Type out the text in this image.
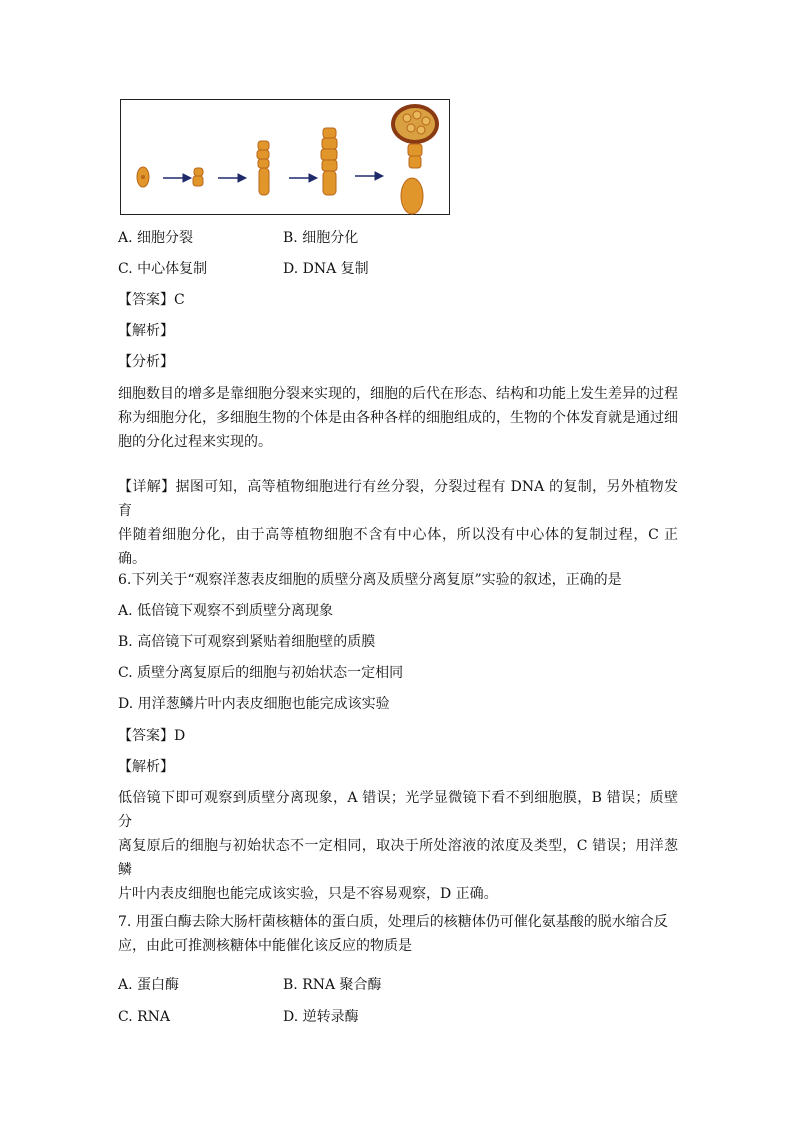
A. 细胞分裂	B. 细胞分化
C. 中心体复制	D. DNA 复制
【答案】C
【解析】
【分析】
细胞数目的增多是靠细胞分裂来实现的，细胞的后代在形态、结构和功能上发生差异的过程
称为细胞分化，多细胞生物的个体是由各种各样的细胞组成的，生物的个体发育就是通过细
胞的分化过程来实现的。
【详解】据图可知，高等植物细胞进行有丝分裂，分裂过程有 DNA 的复制，另外植物发育
伴随着细胞分化，由于高等植物细胞不含有中心体，所以没有中心体的复制过程，C 正确。
6.下列关于“观察洋葱表皮细胞的质壁分离及质壁分离复原”实验的叙述，正确的是
A. 低倍镜下观察不到质壁分离现象
B. 高倍镜下可观察到紧贴着细胞壁的质膜
C. 质壁分离复原后的细胞与初始状态一定相同
D. 用洋葱鳞片叶内表皮细胞也能完成该实验
【答案】D
【解析】
低倍镜下即可观察到质壁分离现象，A 错误；光学显微镜下看不到细胞膜，B 错误；质壁分
离复原后的细胞与初始状态不一定相同，取决于所处溶液的浓度及类型，C 错误；用洋葱鳞
片叶内表皮细胞也能完成该实验，只是不容易观察，D 正确。
7. 用蛋白酶去除大肠杆菌核糖体的蛋白质，处理后的核糖体仍可催化氨基酸的脱水缩合反
应，由此可推测核糖体中能催化该反应的物质是
A. 蛋白酶	B. RNA 聚合酶
C. RNA	D. 逆转录酶
